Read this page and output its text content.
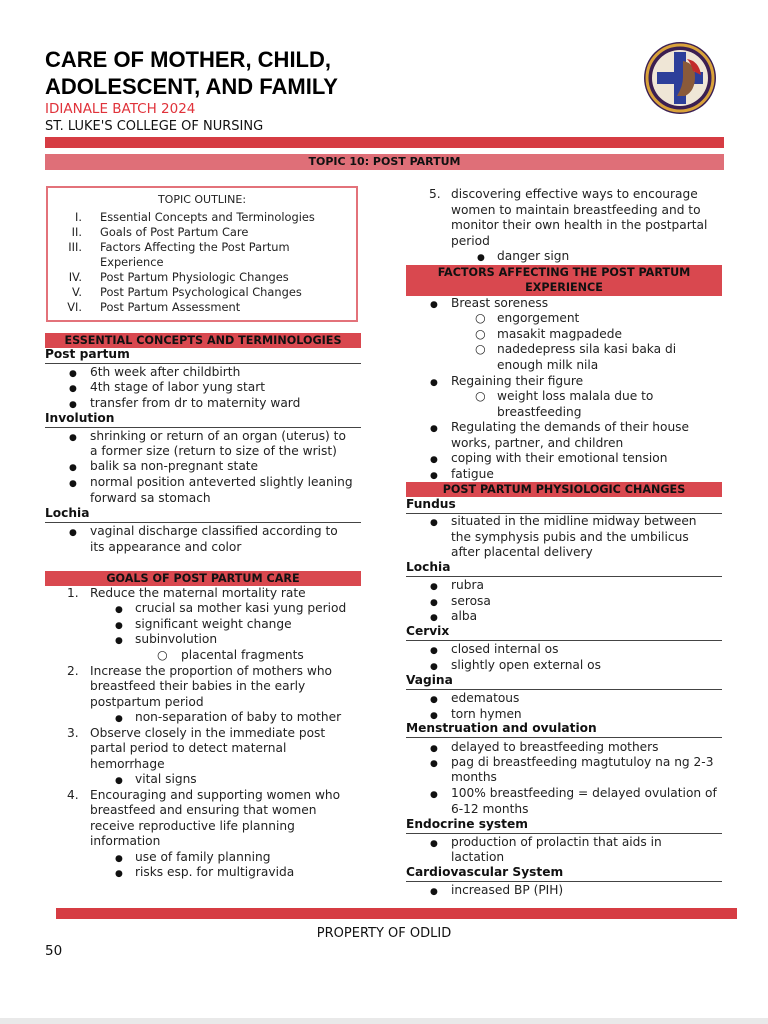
CARE OF MOTHER, CHILD,
ADOLESCENT, AND FAMILY
IDIANALE BATCH 2024
ST. LUKE'S COLLEGE OF NURSING
TOPIC 10: POST PARTUM
TOPIC OUTLINE:
I. Essential Concepts and Terminologies
II. Goals of Post Partum Care
III. Factors Affecting the Post Partum
Experience
IV. Post Partum Physiologic Changes
V. Post Partum Psychological Changes
VI. Post Partum Assessment
ESSENTIAL CONCEPTS AND TERMINOLOGIES
Post partum
● 6th week after childbirth
● 4th stage of labor yung start
● transfer from dr to maternity ward
Involution
● shrinking or return of an organ (uterus) to
a former size (return to size of the wrist)
● balik sa non-pregnant state
● normal position anteverted slightly leaning
forward sa stomach
Lochia
● vaginal discharge classified according to
its appearance and color
GOALS OF POST PARTUM CARE
1. Reduce the maternal mortality rate
● crucial sa mother kasi yung period
● significant weight change
● subinvolution
○ placental fragments
2. Increase the proportion of mothers who
breastfeed their babies in the early
postpartum period
● non-separation of baby to mother
3. Observe closely in the immediate post
partal period to detect maternal
hemorrhage
● vital signs
4. Encouraging and supporting women who
breastfeed and ensuring that women
receive reproductive life planning
information
● use of family planning
● risks esp. for multigravida
5. discovering effective ways to encourage
women to maintain breastfeeding and to
monitor their own health in the postpartal
period
● danger sign
FACTORS AFFECTING THE POST PARTUM
EXPERIENCE
● Breast soreness
○ engorgement
○ masakit magpadede
○ nadedepress sila kasi baka di
enough milk nila
● Regaining their figure
○ weight loss malala due to
breastfeeding
● Regulating the demands of their house
works, partner, and children
● coping with their emotional tension
● fatigue
POST PARTUM PHYSIOLOGIC CHANGES
Fundus
● situated in the midline midway between
the symphysis pubis and the umbilicus
after placental delivery
Lochia
● rubra
● serosa
● alba
Cervix
● closed internal os
● slightly open external os
Vagina
● edematous
● torn hymen
Menstruation and ovulation
● delayed to breastfeeding mothers
● pag di breastfeeding magtutuloy na ng 2-3
months
● 100% breastfeeding = delayed ovulation of
6-12 months
Endocrine system
● production of prolactin that aids in
lactation
Cardiovascular System
● increased BP (PIH)
PROPERTY OF ODLID
50
